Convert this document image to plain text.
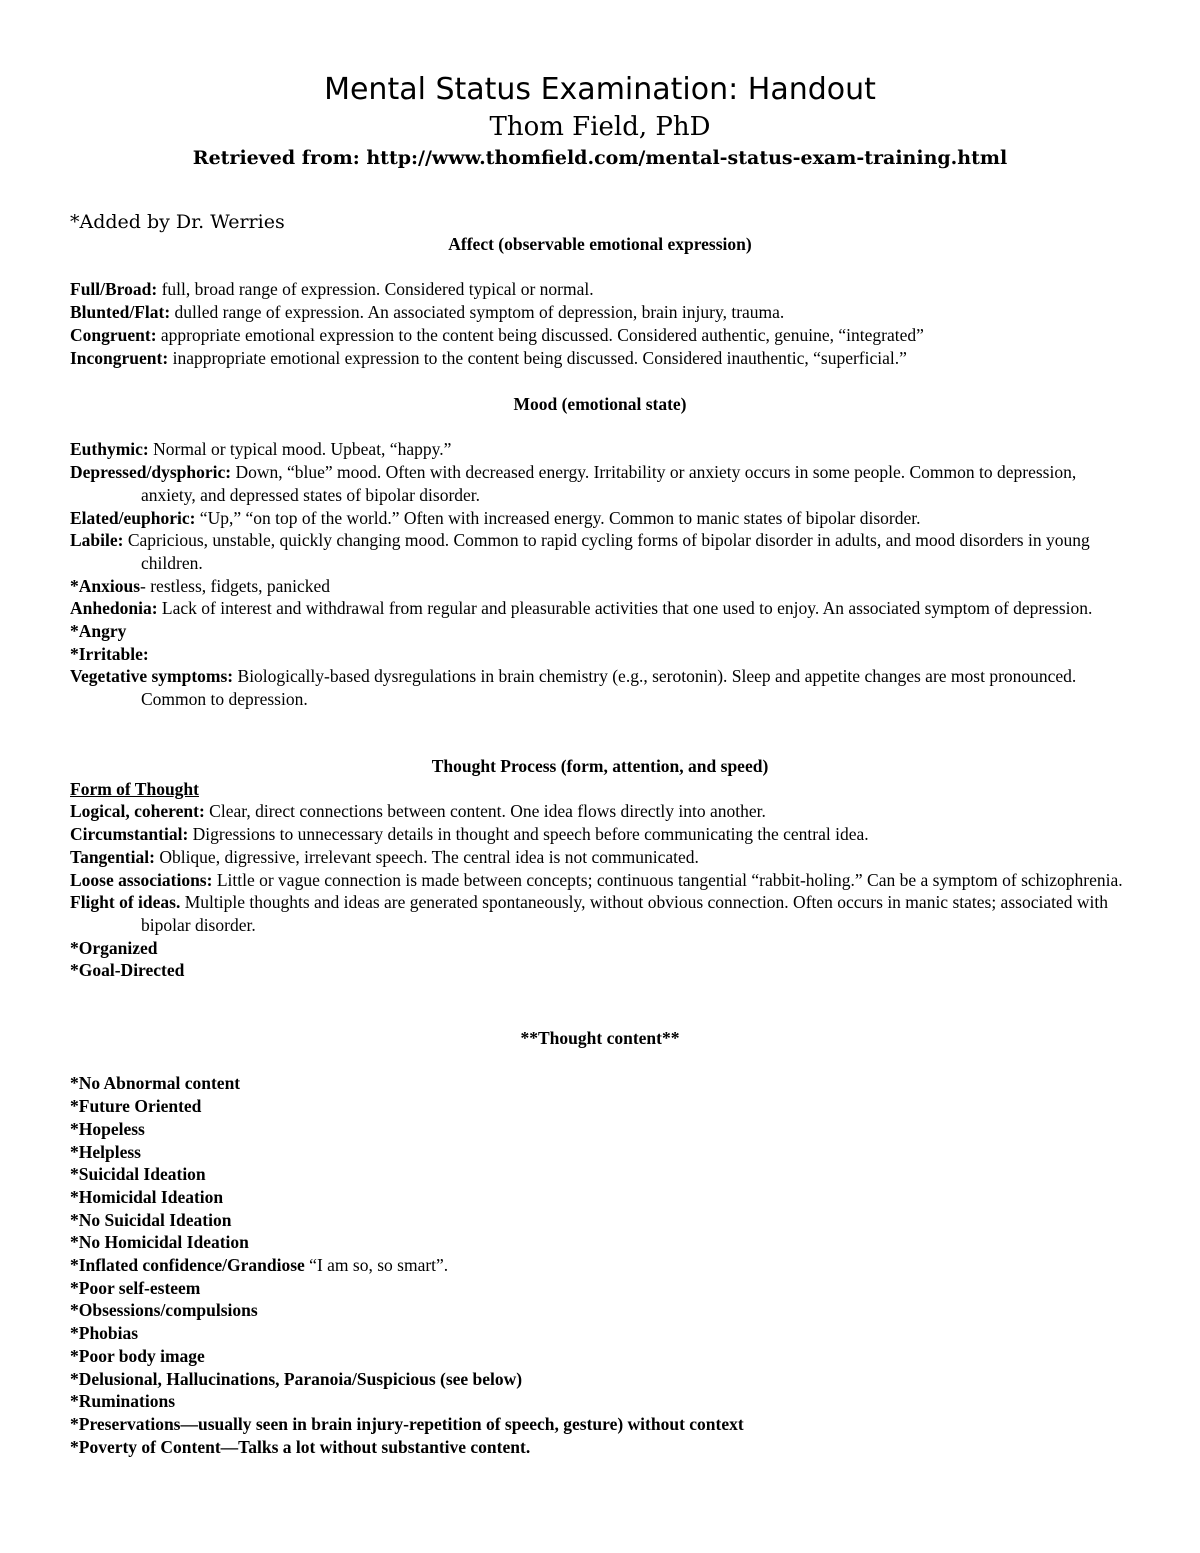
Mental Status Examination: Handout
Thom Field, PhD
Retrieved from: http://www.thomfield.com/mental-status-exam-training.html
*Added by Dr. Werries
Affect (observable emotional expression)

Full/Broad: full, broad range of expression. Considered typical or normal.

Blunted/Flat: dulled range of expression. An associated symptom of depression, brain injury, trauma.

Congruent: appropriate emotional expression to the content being discussed. Considered authentic, genuine, “integrated”

Incongruent: inappropriate emotional expression to the content being discussed. Considered inauthentic, “superficial.”

Mood (emotional state)

Euthymic: Normal or typical mood. Upbeat, “happy.”

Depressed/dysphoric: Down, “blue” mood. Often with decreased energy. Irritability or anxiety occurs in some people. Common to depression, anxiety, and depressed states of bipolar disorder.

Elated/euphoric: “Up,” “on top of the world.” Often with increased energy. Common to manic states of bipolar disorder.

Labile: Capricious, unstable, quickly changing mood. Common to rapid cycling forms of bipolar disorder in adults, and mood disorders in young children.

*Anxious- restless, fidgets, panicked

Anhedonia: Lack of interest and withdrawal from regular and pleasurable activities that one used to enjoy. An associated symptom of depression.

*Angry

*Irritable:

Vegetative symptoms: Biologically-based dysregulations in brain chemistry (e.g., serotonin). Sleep and appetite changes are most pronounced. Common to depression.

Thought Process (form, attention, and speed)
Form of Thought

Logical, coherent: Clear, direct connections between content. One idea flows directly into another.

Circumstantial: Digressions to unnecessary details in thought and speech before communicating the central idea.

Tangential: Oblique, digressive, irrelevant speech. The central idea is not communicated.

Loose associations: Little or vague connection is made between concepts; continuous tangential “rabbit-holing.” Can be a symptom of schizophrenia.

Flight of ideas. Multiple thoughts and ideas are generated spontaneously, without obvious connection. Often occurs in manic states; associated with bipolar disorder.

*Organized

*Goal-Directed

**Thought content**

*No Abnormal content

*Future Oriented

*Hopeless

*Helpless

*Suicidal Ideation

*Homicidal Ideation

*No Suicidal Ideation

*No Homicidal Ideation

*Inflated confidence/Grandiose “I am so, so smart”.

*Poor self-esteem

*Obsessions/compulsions

*Phobias

*Poor body image

*Delusional, Hallucinations, Paranoia/Suspicious (see below)

*Ruminations

*Preservations—usually seen in brain injury-repetition of speech, gesture) without context

*Poverty of Content—Talks a lot without substantive content.
